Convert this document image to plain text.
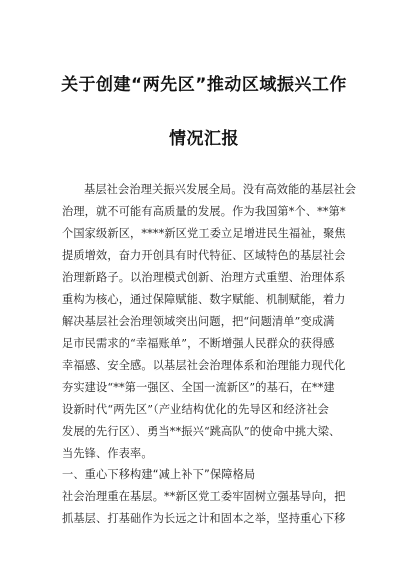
关于创建“两先区”推动区域振兴工作
情况汇报
基层社会治理关振兴发展全局。没有高效能的基层社会
治理，就不可能有高质量的发展。作为我国第*个、**第*
个国家级新区，****新区党工委立足增进民生福祉，聚焦
提质增效，奋力开创具有时代特征、区域特色的基层社会
治理新路子。以治理模式创新、治理方式重塑、治理体系
重构为核心，通过保障赋能、数字赋能、机制赋能，着力
解决基层社会治理领域突出问题，把“问题清单”变成满
足市民需求的“幸福账单”，不断增强人民群众的获得感
幸福感、安全感。以基层社会治理体系和治理能力现代化
夯实建设“**第一强区、全国一流新区”的基石，在**建
设新时代“两先区”（产业结构优化的先导区和经济社会
发展的先行区）、勇当**振兴“跳高队”的使命中挑大梁、
当先锋、作表率。
一、重心下移构建“减上补下”保障格局
社会治理重在基层。**新区党工委牢固树立强基导向，把
抓基层、打基础作为长远之计和固本之举，坚持重心下移
